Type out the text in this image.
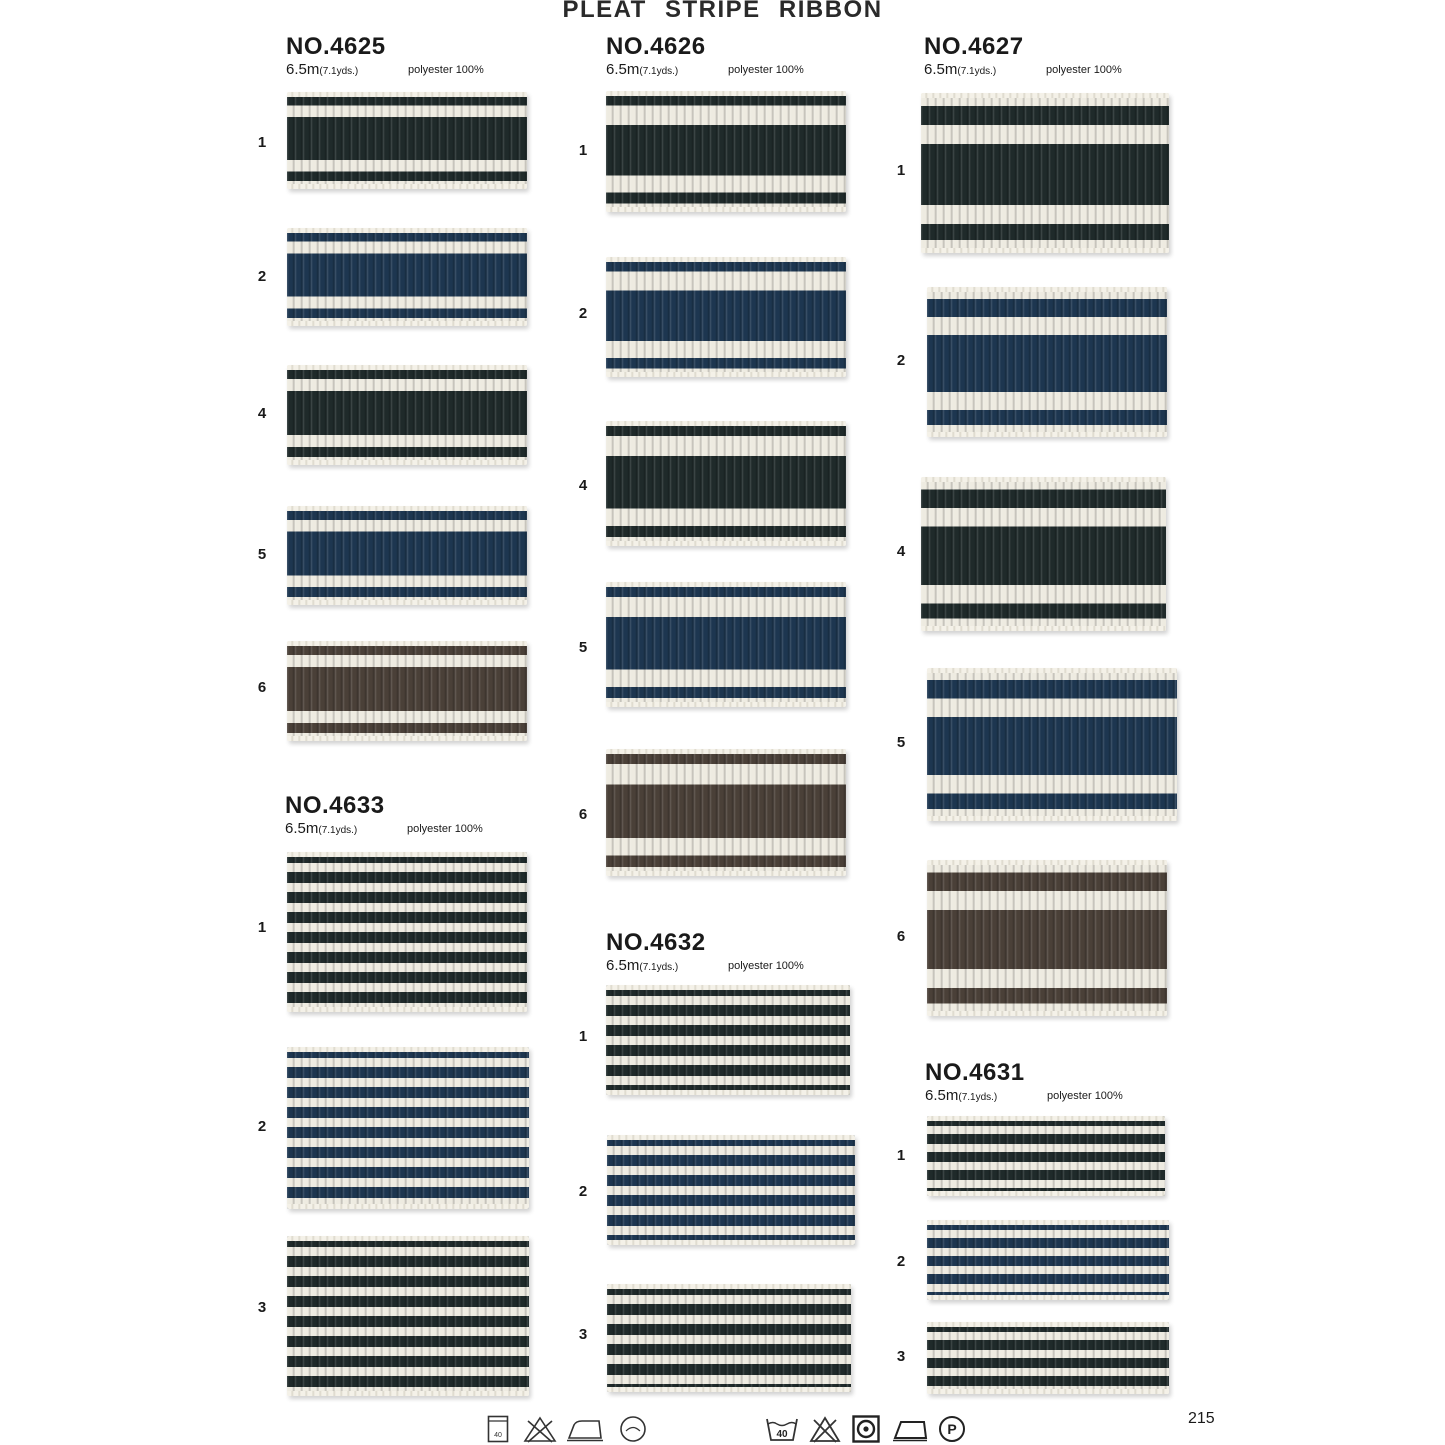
PLEAT STRIPE RIBBON
NO.4625
6.5m(7.1yds.)	polyester 100%
1
2
4
5
6
NO.4626
6.5m(7.1yds.)	polyester 100%
1
2
4
5
6
NO.4627
6.5m(7.1yds.)	polyester 100%
1
2
4
5
6
NO.4633
6.5m(7.1yds.)	polyester 100%
1
2
3
NO.4632
6.5m(7.1yds.)	polyester 100%
1
2
3
NO.4631
6.5m(7.1yds.)	polyester 100%
1
2
3
40	40	P
215
